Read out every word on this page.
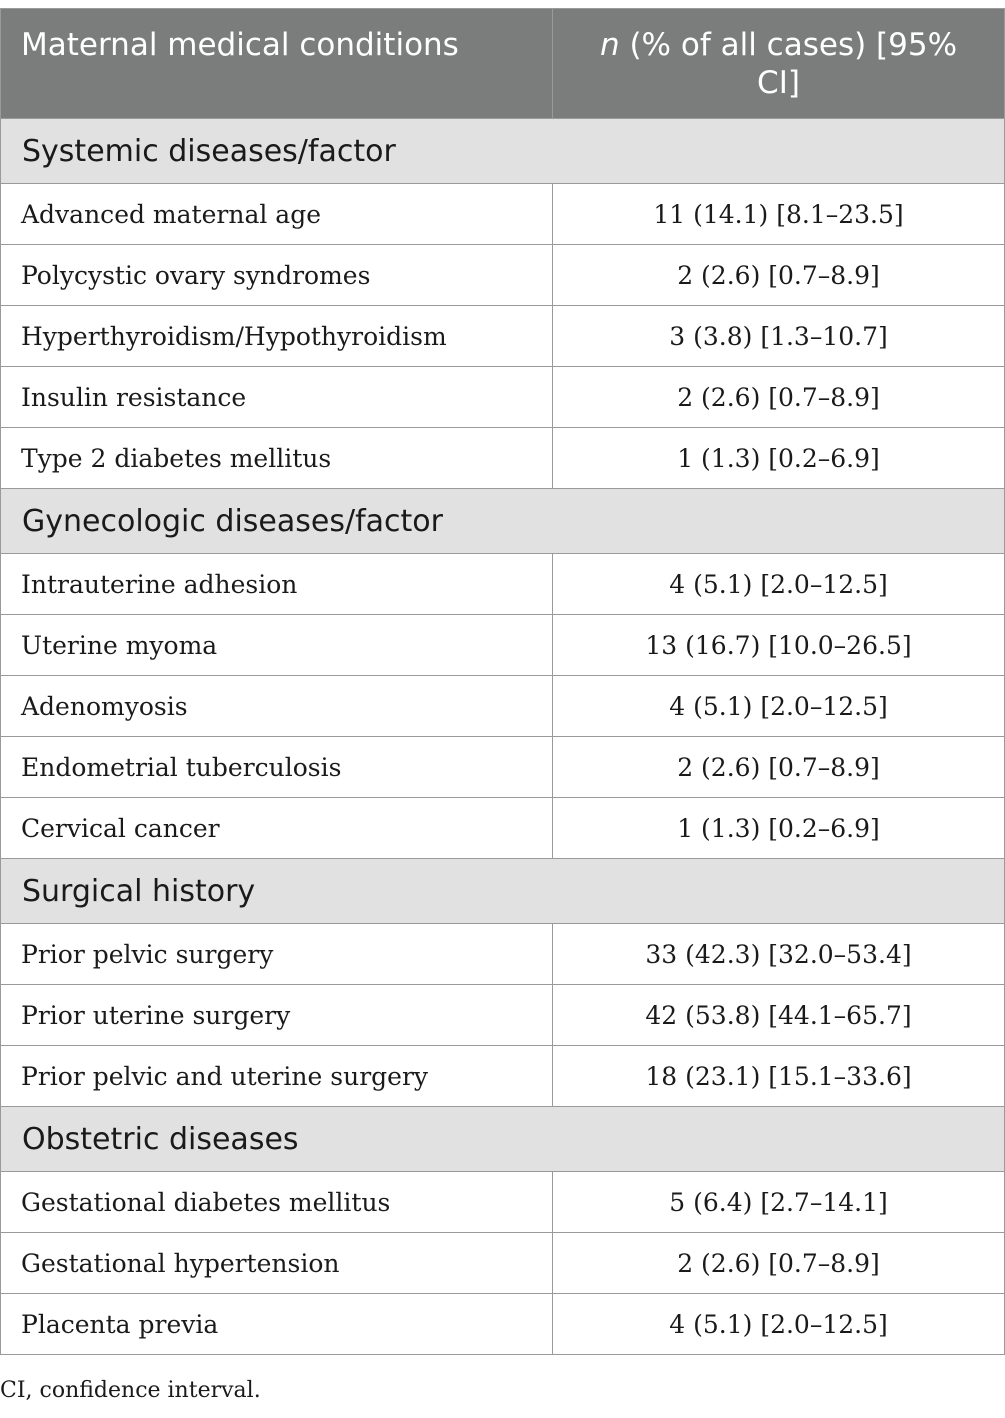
Maternal medical conditions	n (% of all cases) [95% CI]
Systemic diseases/factor	
Advanced maternal age	11 (14.1) [8.1–23.5]
Polycystic ovary syndromes	2 (2.6) [0.7–8.9]
Hyperthyroidism/Hypothyroidism	3 (3.8) [1.3–10.7]
Insulin resistance	2 (2.6) [0.7–8.9]
Type 2 diabetes mellitus	1 (1.3) [0.2–6.9]
Gynecologic diseases/factor	
Intrauterine adhesion	4 (5.1) [2.0–12.5]
Uterine myoma	13 (16.7) [10.0–26.5]
Adenomyosis	4 (5.1) [2.0–12.5]
Endometrial tuberculosis	2 (2.6) [0.7–8.9]
Cervical cancer	1 (1.3) [0.2–6.9]
Surgical history	
Prior pelvic surgery	33 (42.3) [32.0–53.4]
Prior uterine surgery	42 (53.8) [44.1–65.7]
Prior pelvic and uterine surgery	18 (23.1) [15.1–33.6]
Obstetric diseases	
Gestational diabetes mellitus	5 (6.4) [2.7–14.1]
Gestational hypertension	2 (2.6) [0.7–8.9]
Placenta previa	4 (5.1) [2.0–12.5]
CI, confidence interval.
